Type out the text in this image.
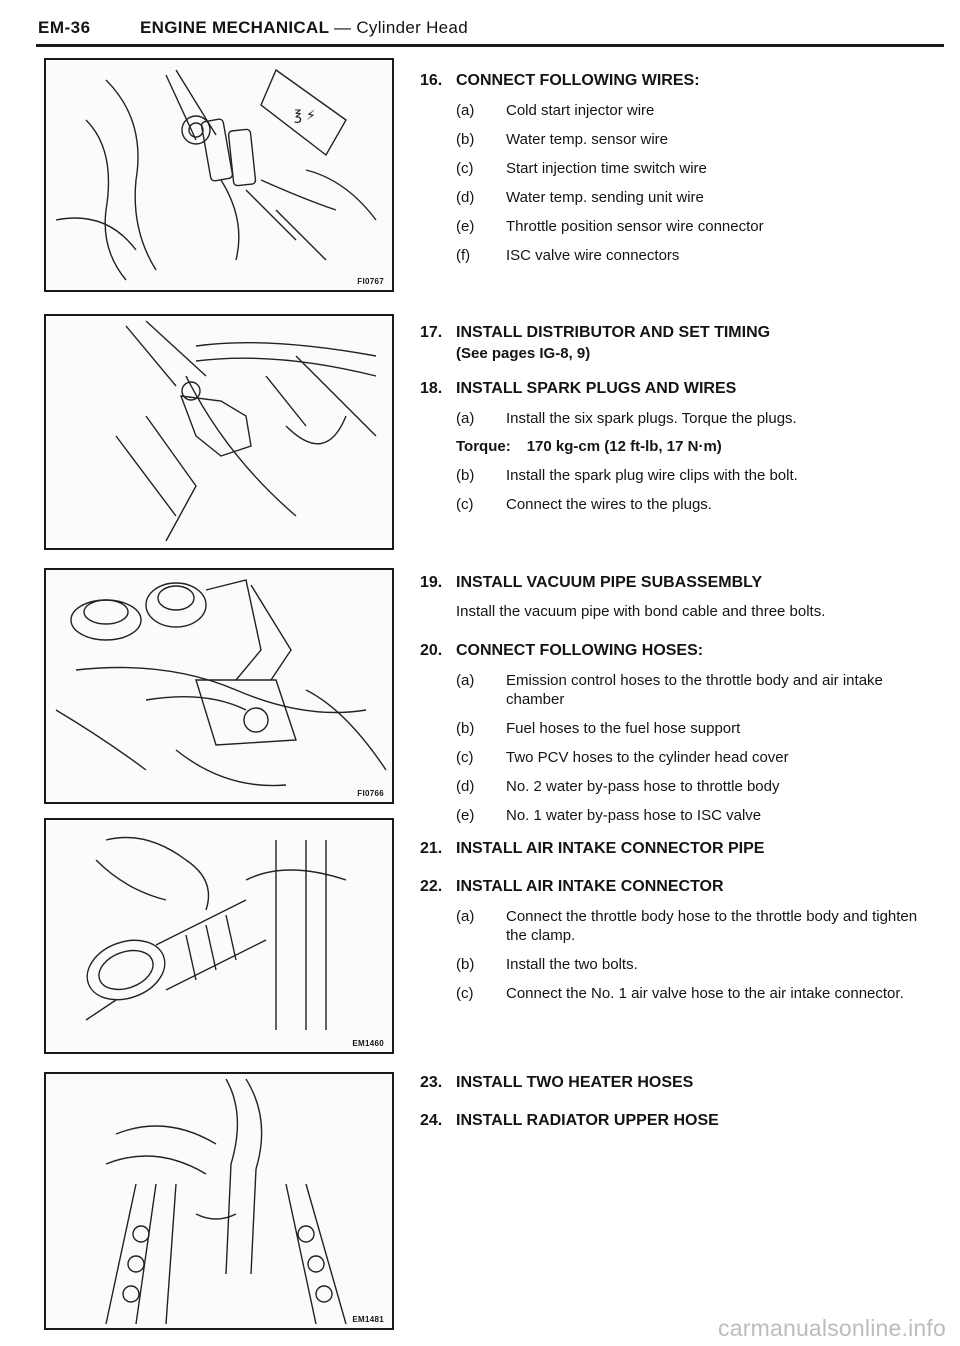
EM-36	ENGINE MECHANICAL — Cylinder Head
℥ ⚡
FI0767
FI0766
EM1460
EM1481
16. CONNECT FOLLOWING WIRES:
(a) Cold start injector wire
(b) Water temp. sensor wire
(c) Start injection time switch wire
(d) Water temp. sending unit wire
(e) Throttle position sensor wire connector
(f) ISC valve wire connectors
17. INSTALL DISTRIBUTOR AND SET TIMING
(See pages IG-8, 9)
18. INSTALL SPARK PLUGS AND WIRES
(a) Install the six spark plugs. Torque the plugs.
Torque: 170 kg-cm (12 ft-lb, 17 N·m)
(b) Install the spark plug wire clips with the bolt.
(c) Connect the wires to the plugs.
19. INSTALL VACUUM PIPE SUBASSEMBLY
Install the vacuum pipe with bond cable and three bolts.
20. CONNECT FOLLOWING HOSES:
(a) Emission control hoses to the throttle body and air intake chamber
(b) Fuel hoses to the fuel hose support
(c) Two PCV hoses to the cylinder head cover
(d) No. 2 water by-pass hose to throttle body
(e) No. 1 water by-pass hose to ISC valve
21. INSTALL AIR INTAKE CONNECTOR PIPE
22. INSTALL AIR INTAKE CONNECTOR
(a) Connect the throttle body hose to the throttle body and tighten the clamp.
(b) Install the two bolts.
(c) Connect the No. 1 air valve hose to the air intake connector.
23. INSTALL TWO HEATER HOSES
24. INSTALL RADIATOR UPPER HOSE
carmanualsonline.info
